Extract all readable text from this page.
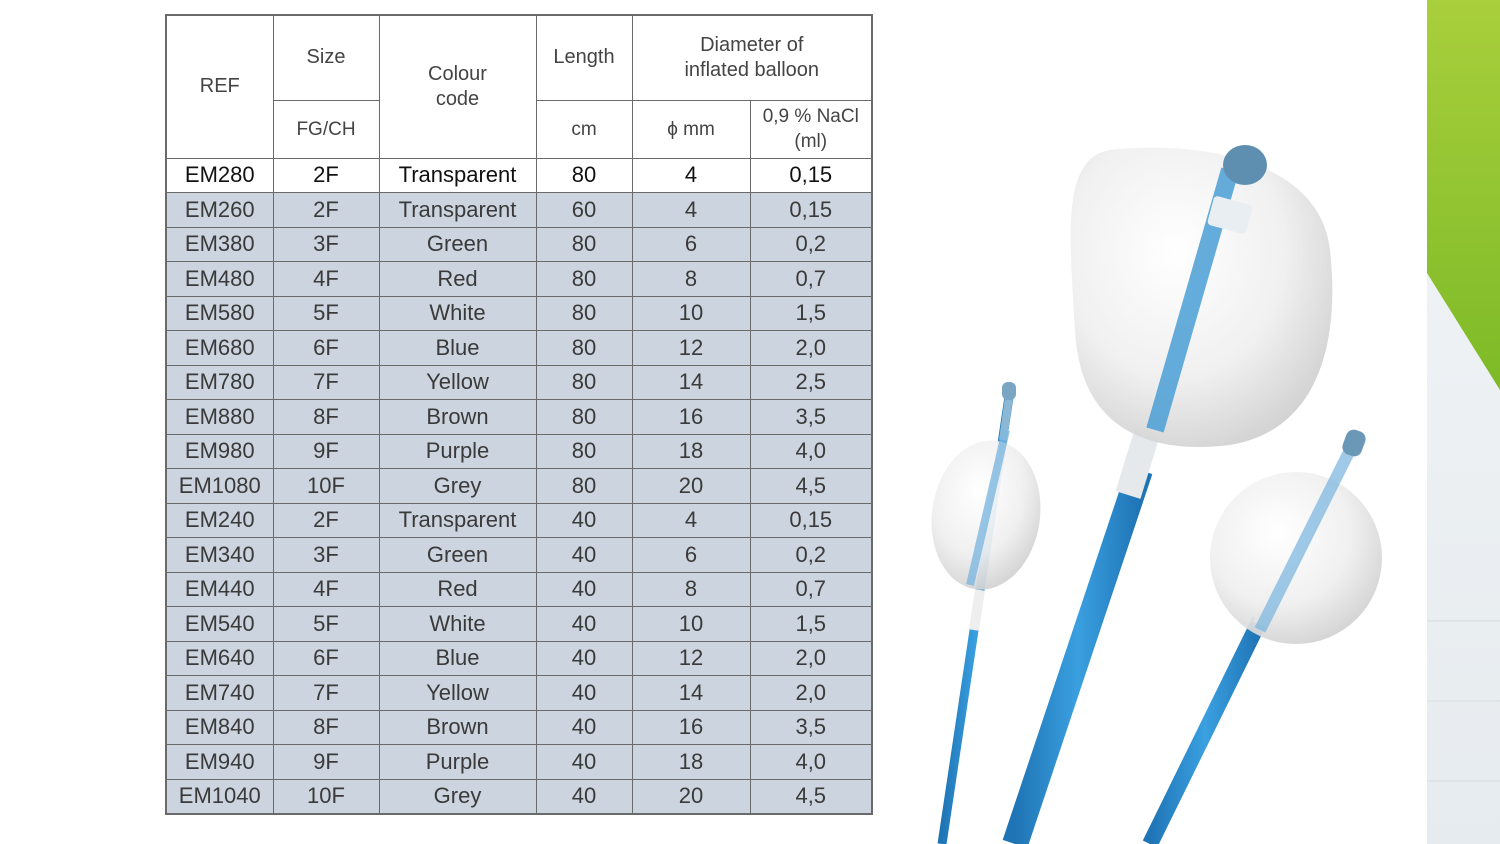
REF	Size	Colour code	Length	Diameter of inflated balloon	
	FG/CH		cm	ϕ mm	0,9 % NaCl (ml)
EM280	2F	Transparent	80	4	0,15
EM260	2F	Transparent	60	4	0,15
EM380	3F	Green	80	6	0,2
EM480	4F	Red	80	8	0,7
EM580	5F	White	80	10	1,5
EM680	6F	Blue	80	12	2,0
EM780	7F	Yellow	80	14	2,5
EM880	8F	Brown	80	16	3,5
EM980	9F	Purple	80	18	4,0
EM1080	10F	Grey	80	20	4,5
EM240	2F	Transparent	40	4	0,15
EM340	3F	Green	40	6	0,2
EM440	4F	Red	40	8	0,7
EM540	5F	White	40	10	1,5
EM640	6F	Blue	40	12	2,0
EM740	7F	Yellow	40	14	2,0
EM840	8F	Brown	40	16	3,5
EM940	9F	Purple	40	18	4,0
EM1040	10F	Grey	40	20	4,5
